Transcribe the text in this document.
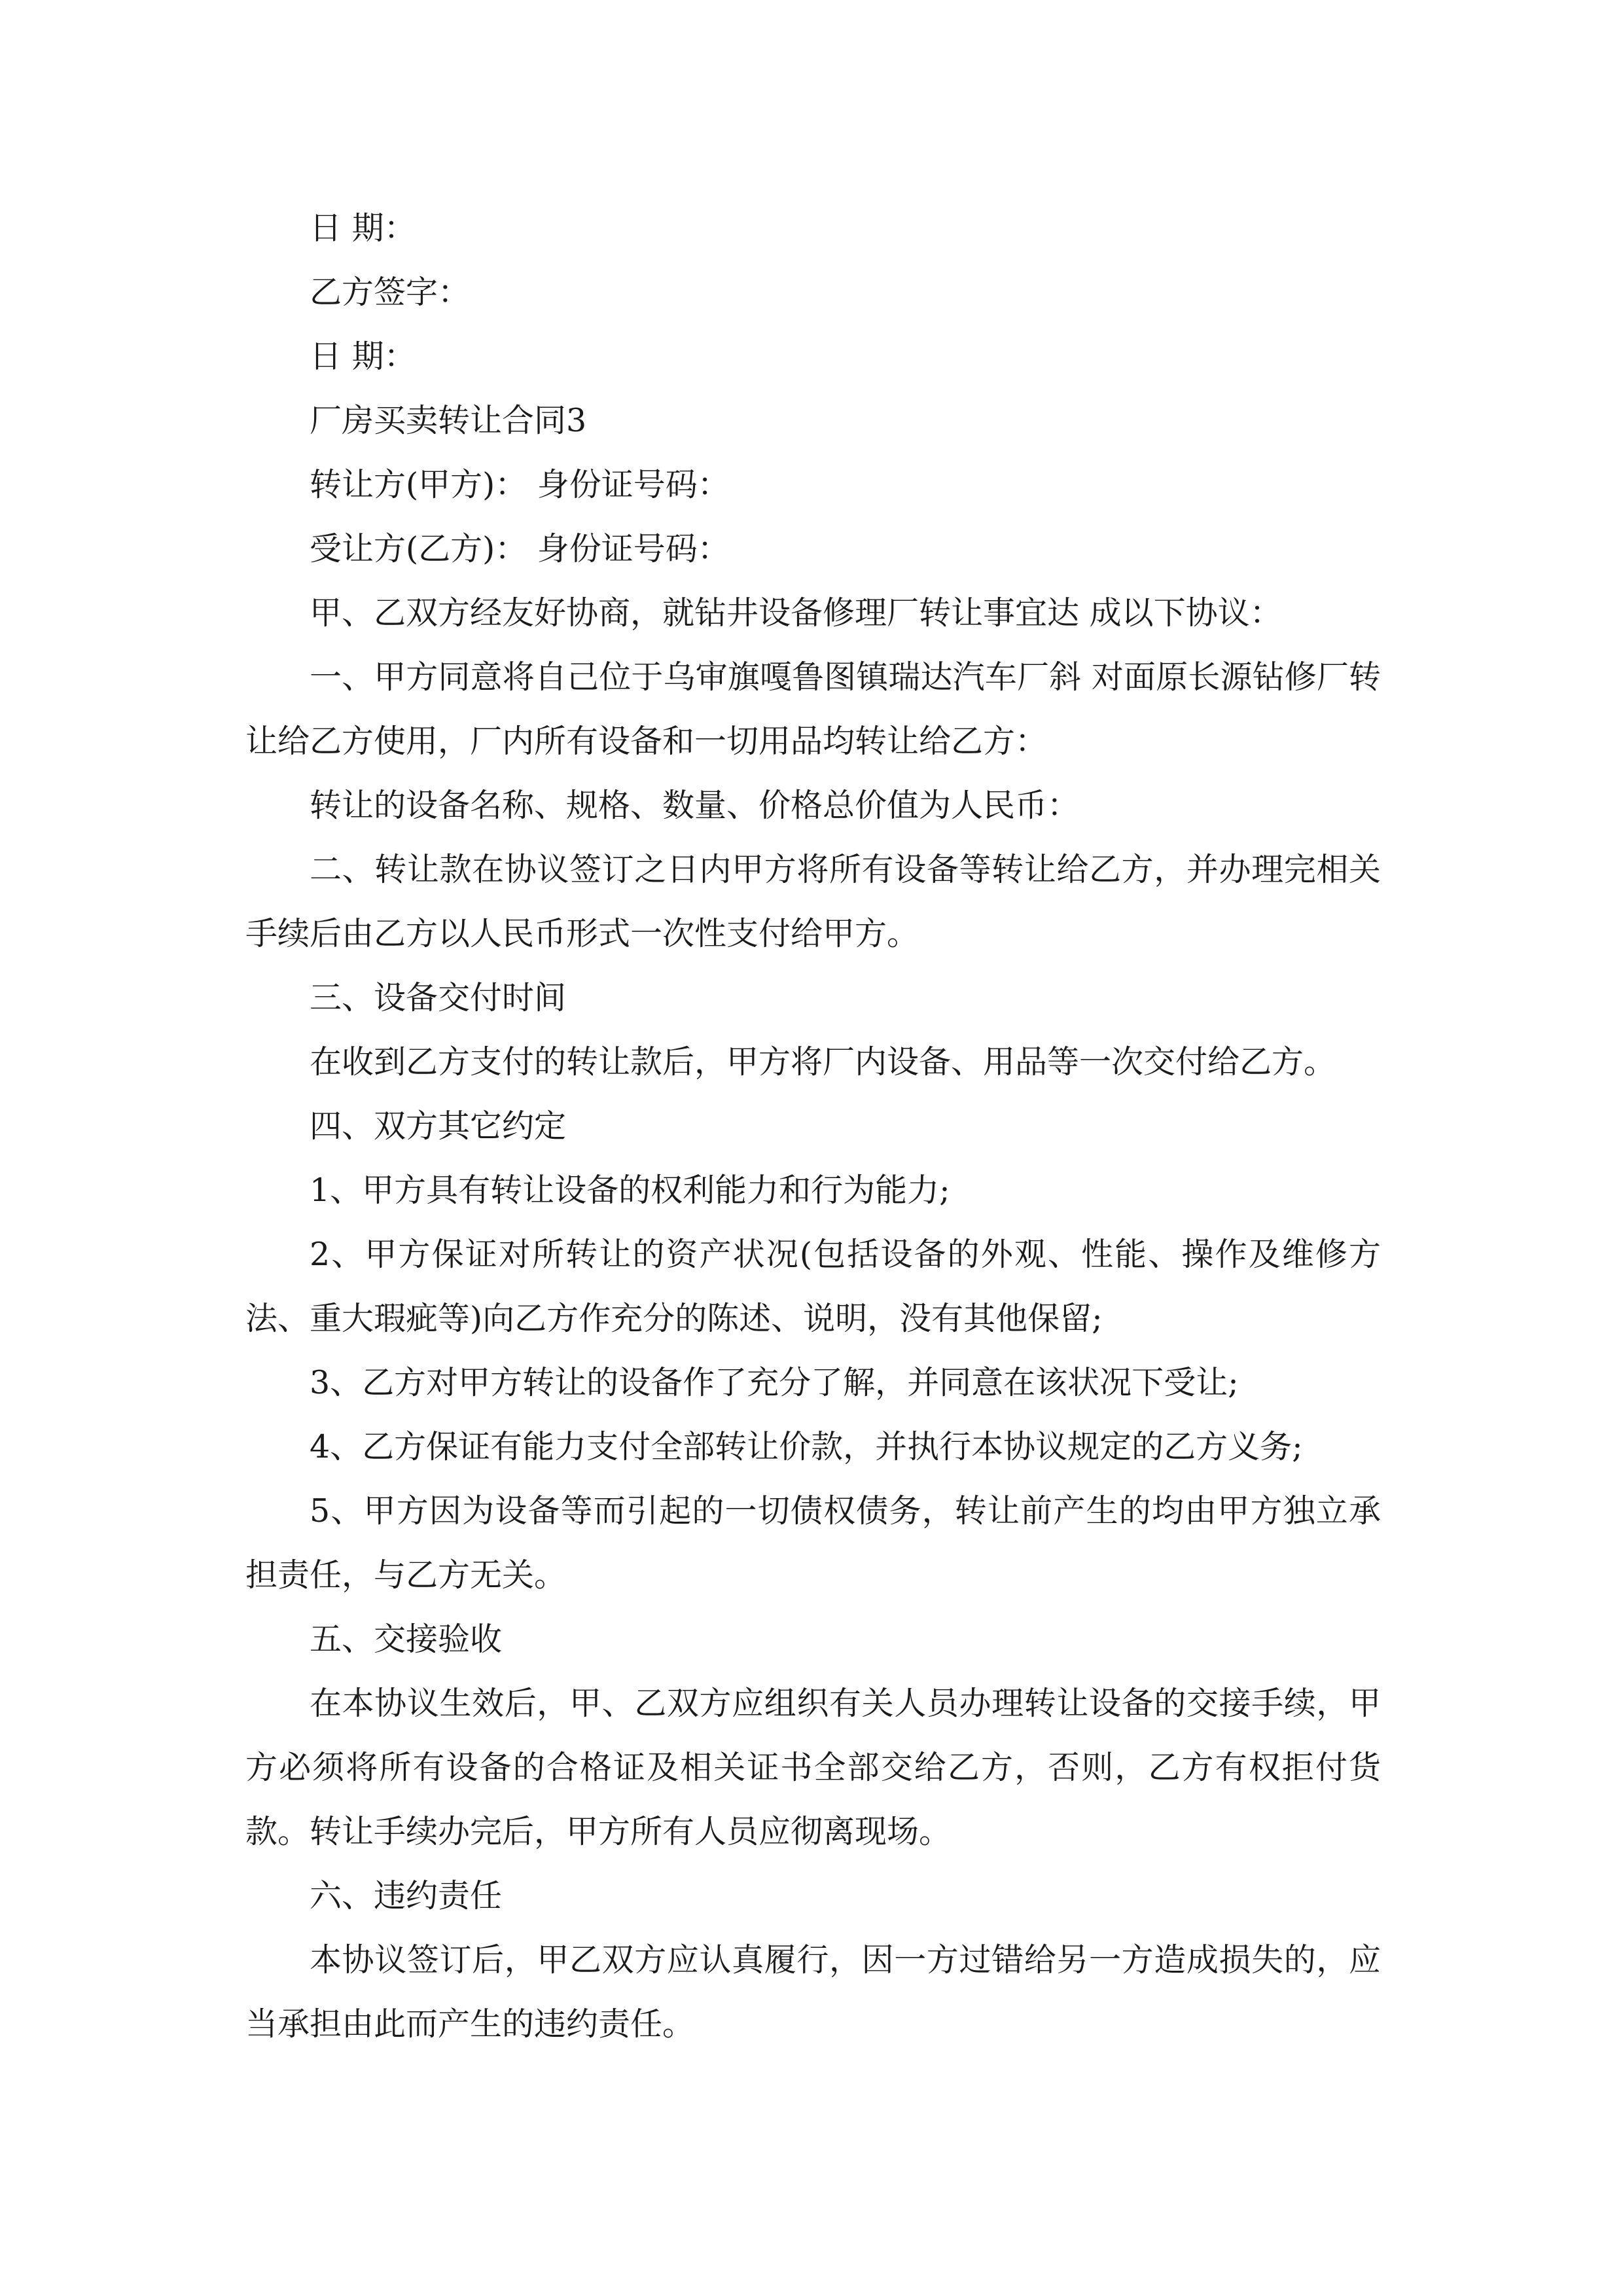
日 期：

乙方签字：

日 期：

厂房买卖转让合同3

转让方(甲方)： 身份证号码：

受让方(乙方)： 身份证号码：

甲、乙双方经友好协商，就钻井设备修理厂转让事宜达 成以下协议：

一、甲方同意将自己位于乌审旗嘎鲁图镇瑞达汽车厂斜 对面原长源钻修厂转让给乙方使用，厂内所有设备和一切用品均转让给乙方：

转让的设备名称、规格、数量、价格总价值为人民币：

二、转让款在协议签订之日内甲方将所有设备等转让给乙方，并办理完相关手续后由乙方以人民币形式一次性支付给甲方。

三、设备交付时间

在收到乙方支付的转让款后，甲方将厂内设备、用品等一次交付给乙方。

四、双方其它约定

1、甲方具有转让设备的权利能力和行为能力;

2、甲方保证对所转让的资产状况(包括设备的外观、性能、操作及维修方法、重大瑕疵等)向乙方作充分的陈述、说明，没有其他保留;

3、乙方对甲方转让的设备作了充分了解，并同意在该状况下受让;

4、乙方保证有能力支付全部转让价款，并执行本协议规定的乙方义务;

5、甲方因为设备等而引起的一切债权债务，转让前产生的均由甲方独立承担责任，与乙方无关。

五、交接验收

在本协议生效后，甲、乙双方应组织有关人员办理转让设备的交接手续，甲方必须将所有设备的合格证及相关证书全部交给乙方，否则，乙方有权拒付货款。转让手续办完后，甲方所有人员应彻离现场。

六、违约责任

本协议签订后，甲乙双方应认真履行，因一方过错给另一方造成损失的，应当承担由此而产生的违约责任。
